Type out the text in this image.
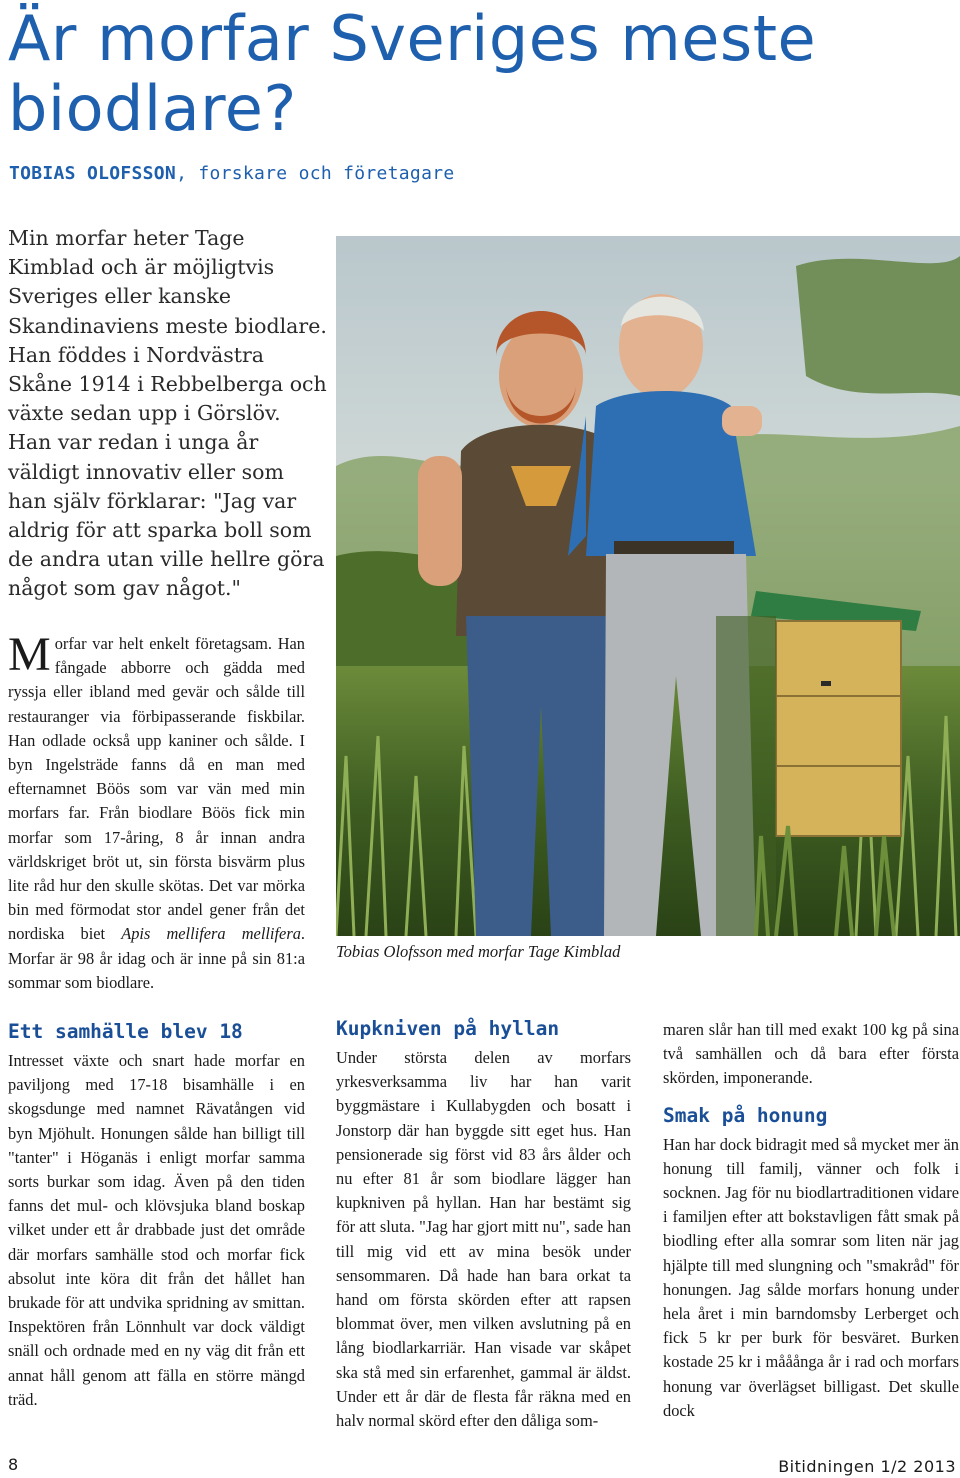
Är morfar Sveriges meste biodlare?
TOBIAS OLOFSSON, forskare och företagare

Min morfar heter Tage Kimblad och är möjligtvis Sveriges eller kanske Skandinaviens meste biodlare. Han föddes i Nordvästra Skåne 1914 i Rebbelberga och växte sedan upp i Görslöv. Han var redan i unga år väldigt innovativ eller som han själv förklarar: "Jag var aldrig för att sparka boll som de andra utan ville hellre göra något som gav något."

Morfar var helt enkelt företagsam. Han fångade abborre och gädda med ryssja eller ibland med gevär och sålde till restauranger via förbipasserande fiskbilar. Han odlade också upp kaniner och sålde. I byn Ingelsträde fanns då en man med efternamnet Böös som var vän med min morfars far. Från biodlare Böös fick min morfar som 17-åring, 8 år innan andra världskriget bröt ut, sin första bisvärm plus lite råd hur den skulle skötas. Det var mörka bin med förmodat stor andel gener från det nordiska biet Apis mellifera mellifera. Morfar är 98 år idag och är inne på sin 81:a sommar som biodlare.

Tobias Olofsson med morfar Tage Kimblad
Ett samhälle blev 18

Intresset växte och snart hade morfar en paviljong med 17-18 bisamhälle i en skogsdunge med namnet Rävatången vid byn Mjöhult. Honungen sålde han billigt till "tanter" i Höganäs i enligt morfar samma sorts burkar som idag. Även på den tiden fanns det mul- och klövsjuka bland boskap vilket under ett år drabbade just det område där morfars samhälle stod och morfar fick absolut inte köra dit från det hållet han brukade för att undvika spridning av smittan. Inspektören från Lönnhult var dock väldigt snäll och ordnade med en ny väg dit från ett annat håll genom att fälla en större mängd träd.

Kupkniven på hyllan

Under största delen av morfars yrkesverksamma liv har han varit byggmästare i Kullabygden och bosatt i Jonstorp där han byggde sitt eget hus. Han pensionerade sig först vid 83 års ålder och nu efter 81 år som biodlare lägger han kupkniven på hyllan. Han har bestämt sig för att sluta. "Jag har gjort mitt nu", sade han till mig vid ett av mina besök under sensommaren. Då hade han bara orkat ta hand om första skörden efter att rapsen blommat över, men vilken avslutning på en lång biodlarkarriär. Han visade var skåpet ska stå med sin erfarenhet, gammal är äldst. Under ett år där de flesta får räkna med en halv normal skörd efter den dåliga som-

maren slår han till med exakt 100 kg på sina två samhällen och då bara efter första skörden, imponerande.

Smak på honung

Han har dock bidragit med så mycket mer än honung till familj, vänner och folk i socknen. Jag för nu biodlartraditionen vidare i familjen efter att bokstavligen fått smak på biodling efter alla somrar som liten när jag hjälpte till med slungning och "smakråd" för honungen. Jag sålde morfars honung under hela året i min barndomsby Lerberget och fick 5 kr per burk för besväret. Burken kostade 25 kr i mååånga år i rad och morfars honung var överlägset billigast. Det skulle dock

8	Bitidningen 1/2 2013
